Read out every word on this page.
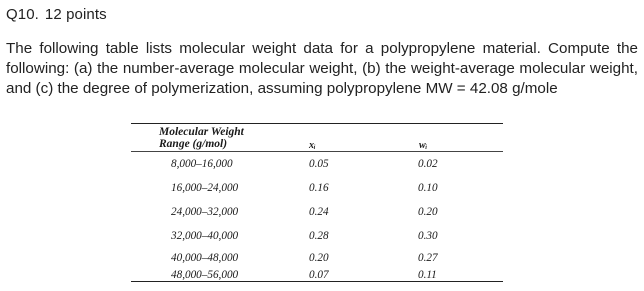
Q10. 12 points
The following table lists molecular weight data for a polypropylene material. Compute the following: (a) the number-average molecular weight, (b) the weight-average molecular weight, and (c) the degree of polymerization, assuming polypropylene MW = 42.08 g/mole
Molecular Weight
Range (g/mol)	xᵢ	wᵢ
8,000–16,000	0.05	0.02
16,000–24,000	0.16	0.10
24,000–32,000	0.24	0.20
32,000–40,000	0.28	0.30
40,000–48,000	0.20	0.27
48,000–56,000	0.07	0.11
